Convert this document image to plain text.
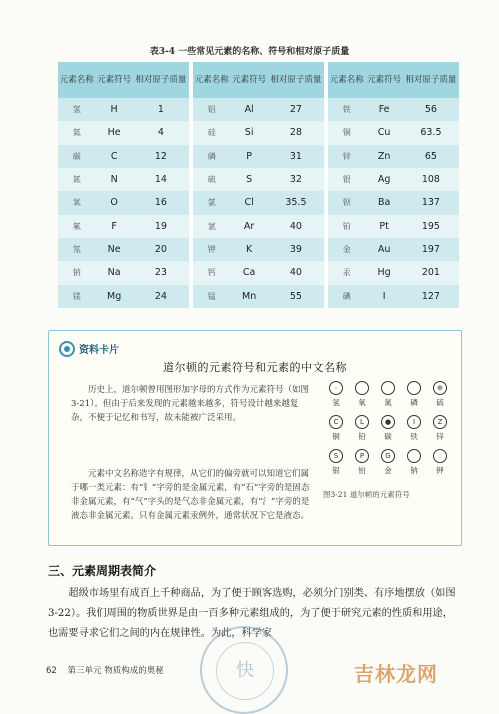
表3-4 一些常见元素的名称、符号和相对原子质量
元素名称	元素符号	相对原子质量
氢	H	1
氦	He	4
碳	C	12
氮	N	14
氧	O	16
氟	F	19
氖	Ne	20
钠	Na	23
镁	Mg	24
元素名称	元素符号	相对原子质量
铝	Al	27
硅	Si	28
磷	P	31
硫	S	32
氯	Cl	35.5
氩	Ar	40
钾	K	39
钙	Ca	40
锰	Mn	55
元素名称	元素符号	相对原子质量
铁	Fe	56
铜	Cu	63.5
锌	Zn	65
银	Ag	108
钡	Ba	137
铂	Pt	195
金	Au	197
汞	Hg	201
碘	I	127
资料卡片
道尔顿的元素符号和元素的中文名称

历史上，道尔顿曾用图形加字母的方式作为元素符号（如图3-21）。但由于后来发现的元素越来越多，符号设计越来越复杂，不便于记忆和书写，故未能被广泛采用。

元素中文名称造字有规律，从它们的偏旁就可以知道它们属于哪一类元素：有“钅”字旁的是金属元素，有“石”字旁的是固态非金属元素，有“气”字头的是气态非金属元素，有“氵”字旁的是液态非金属元素。只有金属元素汞例外，通常状况下它是液态。

·
氢	氧	氮	磷
⊕
硫
C
铜
L
铅
●
碳
I
铁
Z
锌
S
银
P
铂
G
金	钠	钾
图3-21 道尔顿的元素符号
三、元素周期表简介

超级市场里有成百上千种商品，为了便于顾客选购，必须分门别类、有序地摆放（如图3-22）。我们周围的物质世界是由一百多种元素组成的，为了便于研究元素的性质和用途，也需要寻求它们之间的内在规律性。为此，科学家

62 第三单元 物质构成的奥秘	快	吉林龙网
